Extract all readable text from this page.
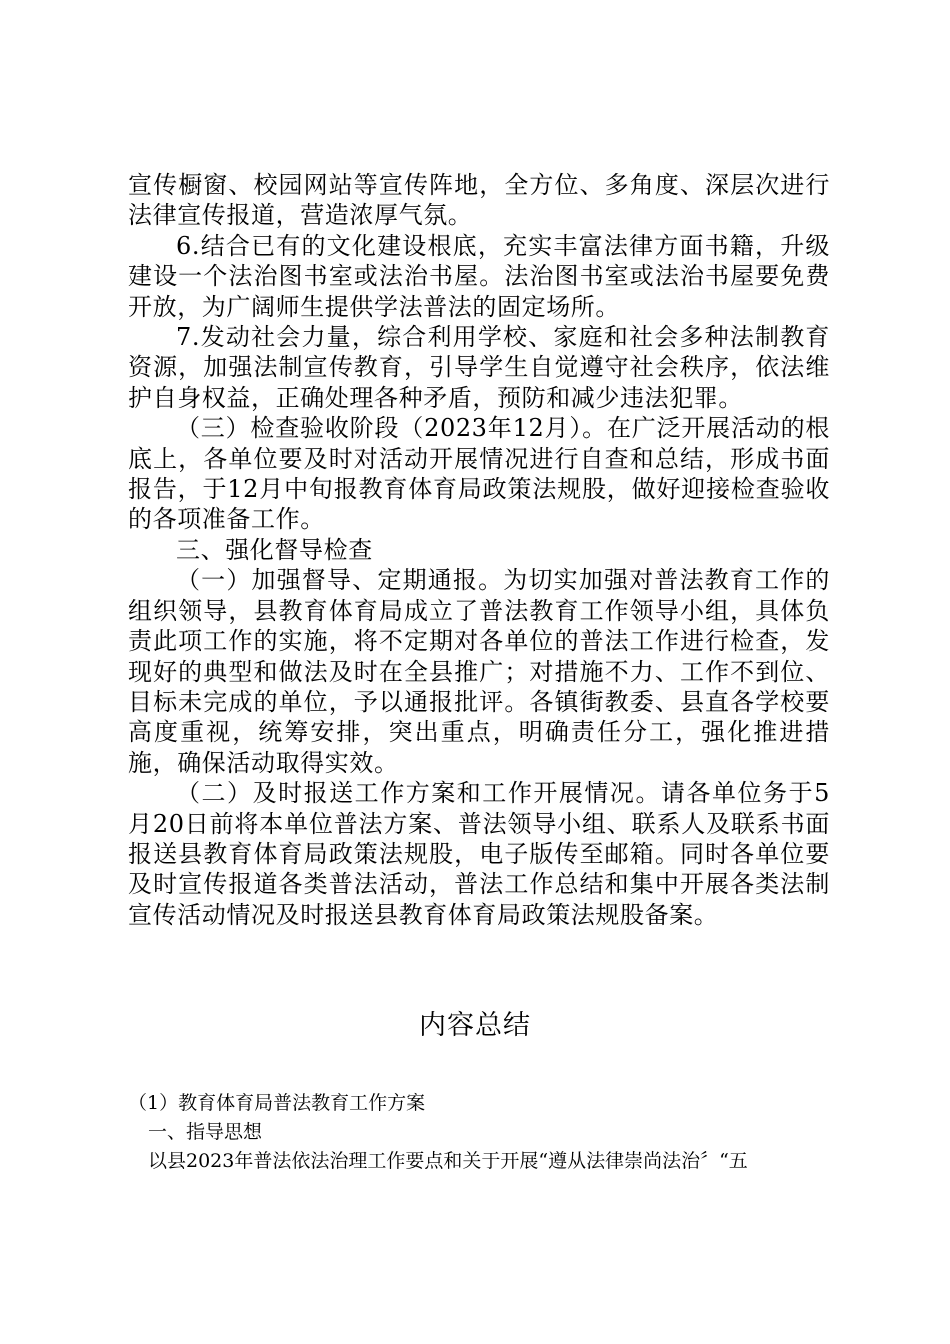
宣传橱窗、校园网站等宣传阵地，全方位、多角度、深层次进行法律宣传报道，营造浓厚气氛。

6.结合已有的文化建设根底，充实丰富法律方面书籍，升级建设一个法治图书室或法治书屋。法治图书室或法治书屋要免费开放，为广阔师生提供学法普法的固定场所。

7.发动社会力量，综合利用学校、家庭和社会多种法制教育资源，加强法制宣传教育，引导学生自觉遵守社会秩序，依法维护自身权益，正确处理各种矛盾，预防和减少违法犯罪。

（三）检查验收阶段（2023年12月）。在广泛开展活动的根底上，各单位要及时对活动开展情况进行自查和总结，形成书面报告，于12月中旬报教育体育局政策法规股，做好迎接检查验收的各项准备工作。

三、强化督导检查

（一）加强督导、定期通报。为切实加强对普法教育工作的组织领导，县教育体育局成立了普法教育工作领导小组，具体负责此项工作的实施，将不定期对各单位的普法工作进行检查，发现好的典型和做法及时在全县推广；对措施不力、工作不到位、目标未完成的单位，予以通报批评。各镇街教委、县直各学校要高度重视，统筹安排，突出重点，明确责任分工，强化推进措施，确保活动取得实效。

（二）及时报送工作方案和工作开展情况。请各单位务于5月20日前将本单位普法方案、普法领导小组、联系人及联系书面报送县教育体育局政策法规股，电子版传至邮箱。同时各单位要及时宣传报道各类普法活动，普法工作总结和集中开展各类法制宣传活动情况及时报送县教育体育局政策法规股备案。

内容总结

（1）教育体育局普法教育工作方案

一、指导思想

以县2023年普法依法治理工作要点和关于开展“遵从法律崇尚法治〞“五
